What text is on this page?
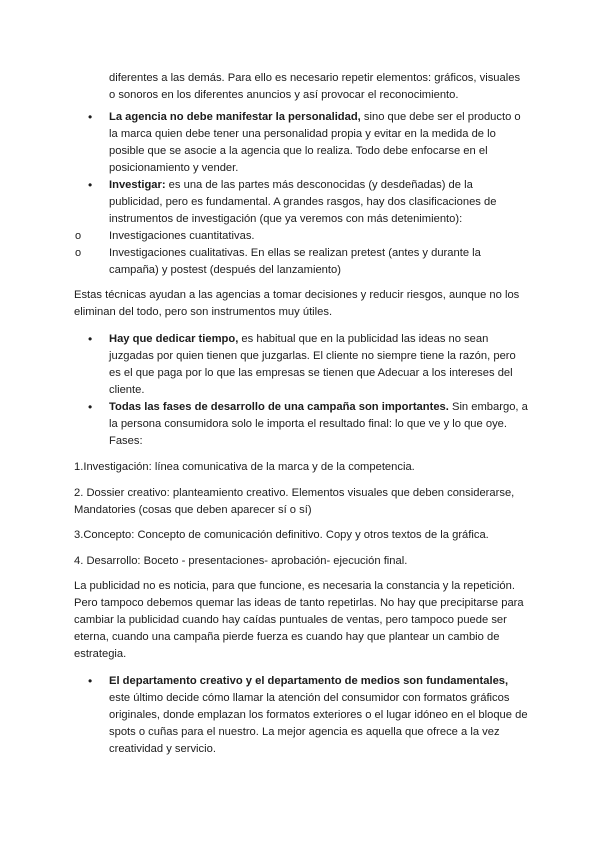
diferentes a las demás. Para ello es necesario repetir elementos: gráficos, visuales o sonoros en los diferentes anuncios y así provocar el reconocimiento.

•	La agencia no debe manifestar la personalidad, sino que debe ser el producto o la marca quien debe tener una personalidad propia y evitar en la medida de lo posible que se asocie a la agencia que lo realiza. Todo debe enfocarse en el posicionamiento y vender.
•	Investigar: es una de las partes más desconocidas (y desdeñadas) de la publicidad, pero es fundamental. A grandes rasgos, hay dos clasificaciones de instrumentos de investigación (que ya veremos con más detenimiento):
o	Investigaciones cuantitativas.
o	Investigaciones cualitativas. En ellas se realizan pretest (antes y durante la campaña) y postest (después del lanzamiento)

Estas técnicas ayudan a las agencias a tomar decisiones y reducir riesgos, aunque no los eliminan del todo, pero son instrumentos muy útiles.

•	Hay que dedicar tiempo, es habitual que en la publicidad las ideas no sean juzgadas por quien tienen que juzgarlas. El cliente no siempre tiene la razón, pero es el que paga por lo que las empresas se tienen que Adecuar a los intereses del cliente.
•	Todas las fases de desarrollo de una campaña son importantes. Sin embargo, a la persona consumidora solo le importa el resultado final: lo que ve y lo que oye. Fases:

1.Investigación: línea comunicativa de la marca y de la competencia.

2. Dossier creativo: planteamiento creativo. Elementos visuales que deben considerarse, Mandatories (cosas que deben aparecer sí o sí)

3.Concepto: Concepto de comunicación definitivo. Copy y otros textos de la gráfica.

4. Desarrollo: Boceto - presentaciones- aprobación- ejecución final.

La publicidad no es noticia, para que funcione, es necesaria la constancia y la repetición. Pero tampoco debemos quemar las ideas de tanto repetirlas. No hay que precipitarse para cambiar la publicidad cuando hay caídas puntuales de ventas, pero tampoco puede ser eterna, cuando una campaña pierde fuerza es cuando hay que plantear un cambio de estrategia.

•	El departamento creativo y el departamento de medios son fundamentales, este último decide cómo llamar la atención del consumidor con formatos gráficos originales, donde emplazan los formatos exteriores o el lugar idóneo en el bloque de spots o cuñas para el nuestro. La mejor agencia es aquella que ofrece a la vez creatividad y servicio.
